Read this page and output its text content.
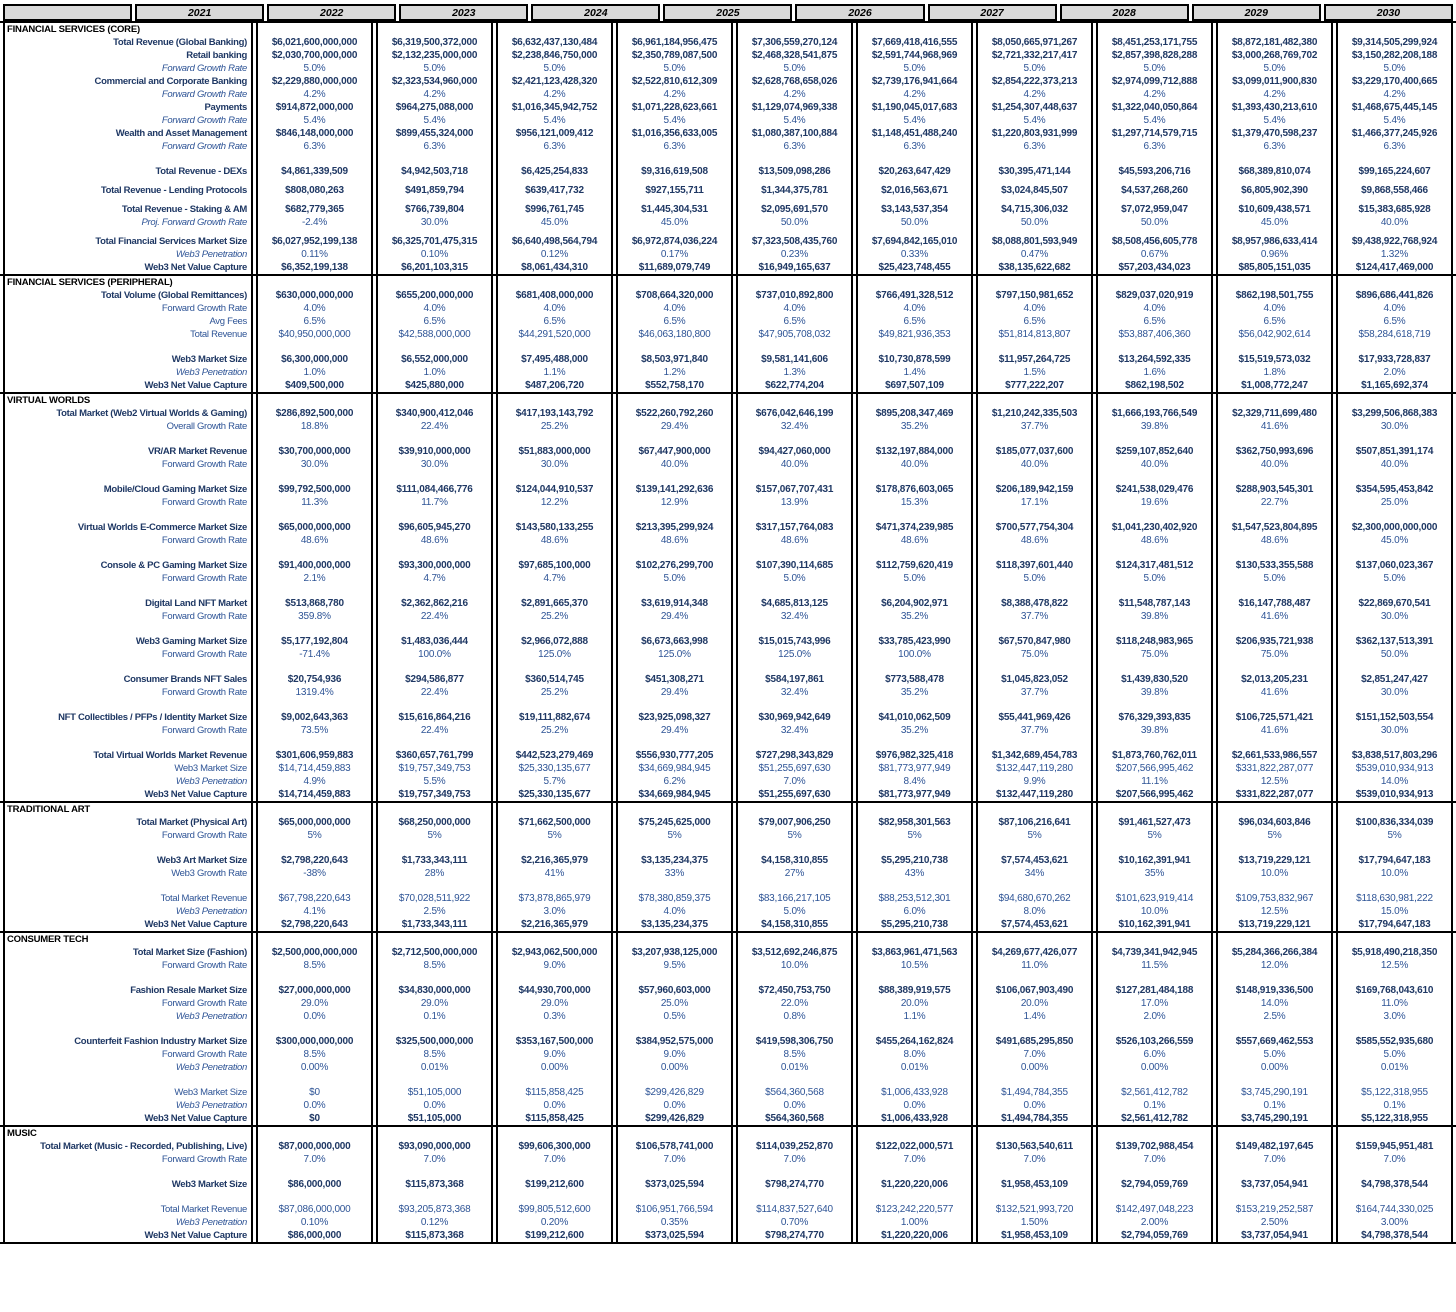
	2021	2022	2023	2024	2025	2026	2027	2028	2029	2030
FINANCIAL SERVICES (CORE)										
Total Revenue (Global Banking)	$6,021,600,000,000	$6,319,500,372,000	$6,632,437,130,484	$6,961,184,956,475	$7,306,559,270,124	$7,669,418,416,555	$8,050,665,971,267	$8,451,253,171,755	$8,872,181,482,380	$9,314,505,299,924
Retail banking	$2,030,700,000,000	$2,132,235,000,000	$2,238,846,750,000	$2,350,789,087,500	$2,468,328,541,875	$2,591,744,968,969	$2,721,332,217,417	$2,857,398,828,288	$3,000,268,769,702	$3,150,282,208,188
Forward Growth Rate	5.0%	5.0%	5.0%	5.0%	5.0%	5.0%	5.0%	5.0%	5.0%	5.0%
Commercial and Corporate Banking	$2,229,880,000,000	$2,323,534,960,000	$2,421,123,428,320	$2,522,810,612,309	$2,628,768,658,026	$2,739,176,941,664	$2,854,222,373,213	$2,974,099,712,888	$3,099,011,900,830	$3,229,170,400,665
Forward Growth Rate	4.2%	4.2%	4.2%	4.2%	4.2%	4.2%	4.2%	4.2%	4.2%	4.2%
Payments	$914,872,000,000	$964,275,088,000	$1,016,345,942,752	$1,071,228,623,661	$1,129,074,969,338	$1,190,045,017,683	$1,254,307,448,637	$1,322,040,050,864	$1,393,430,213,610	$1,468,675,445,145
Forward Growth Rate	5.4%	5.4%	5.4%	5.4%	5.4%	5.4%	5.4%	5.4%	5.4%	5.4%
Wealth and Asset Management	$846,148,000,000	$899,455,324,000	$956,121,009,412	$1,016,356,633,005	$1,080,387,100,884	$1,148,451,488,240	$1,220,803,931,999	$1,297,714,579,715	$1,379,470,598,237	$1,466,377,245,926
Forward Growth Rate	6.3%	6.3%	6.3%	6.3%	6.3%	6.3%	6.3%	6.3%	6.3%	6.3%

Total Revenue - DEXs	$4,861,339,509	$4,942,503,718	$6,425,254,833	$9,316,619,508	$13,509,098,286	$20,263,647,429	$30,395,471,144	$45,593,206,716	$68,389,810,074	$99,165,224,607

Total Revenue - Lending Protocols	$808,080,263	$491,859,794	$639,417,732	$927,155,711	$1,344,375,781	$2,016,563,671	$3,024,845,507	$4,537,268,260	$6,805,902,390	$9,868,558,466

Total Revenue - Staking & AM	$682,779,365	$766,739,804	$996,761,745	$1,445,304,531	$2,095,691,570	$3,143,537,354	$4,715,306,032	$7,072,959,047	$10,609,438,571	$15,383,685,928
Proj. Forward Growth Rate	-2.4%	30.0%	45.0%	45.0%	50.0%	50.0%	50.0%	50.0%	45.0%	40.0%

Total Financial Services Market Size	$6,027,952,199,138	$6,325,701,475,315	$6,640,498,564,794	$6,972,874,036,224	$7,323,508,435,760	$7,694,842,165,010	$8,088,801,593,949	$8,508,456,605,778	$8,957,986,633,414	$9,438,922,768,924
Web3 Penetration	0.11%	0.10%	0.12%	0.17%	0.23%	0.33%	0.47%	0.67%	0.96%	1.32%
Web3 Net Value Capture	$6,352,199,138	$6,201,103,315	$8,061,434,310	$11,689,079,749	$16,949,165,637	$25,423,748,455	$38,135,622,682	$57,203,434,023	$85,805,151,035	$124,417,469,000
FINANCIAL SERVICES (PERIPHERAL)										
Total Volume (Global Remittances)	$630,000,000,000	$655,200,000,000	$681,408,000,000	$708,664,320,000	$737,010,892,800	$766,491,328,512	$797,150,981,652	$829,037,020,919	$862,198,501,755	$896,686,441,826
Forward Growth Rate	4.0%	4.0%	4.0%	4.0%	4.0%	4.0%	4.0%	4.0%	4.0%	4.0%
Avg Fees	6.5%	6.5%	6.5%	6.5%	6.5%	6.5%	6.5%	6.5%	6.5%	6.5%
Total Revenue	$40,950,000,000	$42,588,000,000	$44,291,520,000	$46,063,180,800	$47,905,708,032	$49,821,936,353	$51,814,813,807	$53,887,406,360	$56,042,902,614	$58,284,618,719

Web3 Market Size	$6,300,000,000	$6,552,000,000	$7,495,488,000	$8,503,971,840	$9,581,141,606	$10,730,878,599	$11,957,264,725	$13,264,592,335	$15,519,573,032	$17,933,728,837
Web3 Penetration	1.0%	1.0%	1.1%	1.2%	1.3%	1.4%	1.5%	1.6%	1.8%	2.0%
Web3 Net Value Capture	$409,500,000	$425,880,000	$487,206,720	$552,758,170	$622,774,204	$697,507,109	$777,222,207	$862,198,502	$1,008,772,247	$1,165,692,374
VIRTUAL WORLDS										
Total Market (Web2 Virtual Worlds & Gaming)	$286,892,500,000	$340,900,412,046	$417,193,143,792	$522,260,792,260	$676,042,646,199	$895,208,347,469	$1,210,242,335,503	$1,666,193,766,549	$2,329,711,699,480	$3,299,506,868,383
Overall Growth Rate	18.8%	22.4%	25.2%	29.4%	32.4%	35.2%	37.7%	39.8%	41.6%	30.0%

VR/AR Market Revenue	$30,700,000,000	$39,910,000,000	$51,883,000,000	$67,447,900,000	$94,427,060,000	$132,197,884,000	$185,077,037,600	$259,107,852,640	$362,750,993,696	$507,851,391,174
Forward Growth Rate	30.0%	30.0%	30.0%	40.0%	40.0%	40.0%	40.0%	40.0%	40.0%	40.0%

Mobile/Cloud Gaming Market Size	$99,792,500,000	$111,084,466,776	$124,044,910,537	$139,141,292,636	$157,067,707,431	$178,876,603,065	$206,189,942,159	$241,538,029,476	$288,903,545,301	$354,595,453,842
Forward Growth Rate	11.3%	11.7%	12.2%	12.9%	13.9%	15.3%	17.1%	19.6%	22.7%	25.0%

Virtual Worlds E-Commerce Market Size	$65,000,000,000	$96,605,945,270	$143,580,133,255	$213,395,299,924	$317,157,764,083	$471,374,239,985	$700,577,754,304	$1,041,230,402,920	$1,547,523,804,895	$2,300,000,000,000
Forward Growth Rate	48.6%	48.6%	48.6%	48.6%	48.6%	48.6%	48.6%	48.6%	48.6%	45.0%

Console & PC Gaming Market Size	$91,400,000,000	$93,300,000,000	$97,685,100,000	$102,276,299,700	$107,390,114,685	$112,759,620,419	$118,397,601,440	$124,317,481,512	$130,533,355,588	$137,060,023,367
Forward Growth Rate	2.1%	4.7%	4.7%	5.0%	5.0%	5.0%	5.0%	5.0%	5.0%	5.0%

Digital Land NFT Market	$513,868,780	$2,362,862,216	$2,891,665,370	$3,619,914,348	$4,685,813,125	$6,204,902,971	$8,388,478,822	$11,548,787,143	$16,147,788,487	$22,869,670,541
Forward Growth Rate	359.8%	22.4%	25.2%	29.4%	32.4%	35.2%	37.7%	39.8%	41.6%	30.0%

Web3 Gaming Market Size	$5,177,192,804	$1,483,036,444	$2,966,072,888	$6,673,663,998	$15,015,743,996	$33,785,423,990	$67,570,847,980	$118,248,983,965	$206,935,721,938	$362,137,513,391
Forward Growth Rate	-71.4%	100.0%	125.0%	125.0%	125.0%	100.0%	75.0%	75.0%	75.0%	50.0%

Consumer Brands NFT Sales	$20,754,936	$294,586,877	$360,514,745	$451,308,271	$584,197,861	$773,588,478	$1,045,823,052	$1,439,830,520	$2,013,205,231	$2,851,247,427
Forward Growth Rate	1319.4%	22.4%	25.2%	29.4%	32.4%	35.2%	37.7%	39.8%	41.6%	30.0%

NFT Collectibles / PFPs / Identity Market Size	$9,002,643,363	$15,616,864,216	$19,111,882,674	$23,925,098,327	$30,969,942,649	$41,010,062,509	$55,441,969,426	$76,329,393,835	$106,725,571,421	$151,152,503,554
Forward Growth Rate	73.5%	22.4%	25.2%	29.4%	32.4%	35.2%	37.7%	39.8%	41.6%	30.0%

Total Virtual Worlds Market Revenue	$301,606,959,883	$360,657,761,799	$442,523,279,469	$556,930,777,205	$727,298,343,829	$976,982,325,418	$1,342,689,454,783	$1,873,760,762,011	$2,661,533,986,557	$3,838,517,803,296
Web3 Market Size	$14,714,459,883	$19,757,349,753	$25,330,135,677	$34,669,984,945	$51,255,697,630	$81,773,977,949	$132,447,119,280	$207,566,995,462	$331,822,287,077	$539,010,934,913
Web3 Penetration	4.9%	5.5%	5.7%	6.2%	7.0%	8.4%	9.9%	11.1%	12.5%	14.0%
Web3 Net Value Capture	$14,714,459,883	$19,757,349,753	$25,330,135,677	$34,669,984,945	$51,255,697,630	$81,773,977,949	$132,447,119,280	$207,566,995,462	$331,822,287,077	$539,010,934,913
TRADITIONAL ART										
Total Market (Physical Art)	$65,000,000,000	$68,250,000,000	$71,662,500,000	$75,245,625,000	$79,007,906,250	$82,958,301,563	$87,106,216,641	$91,461,527,473	$96,034,603,846	$100,836,334,039
Forward Growth Rate	5%	5%	5%	5%	5%	5%	5%	5%	5%	5%

Web3 Art Market Size	$2,798,220,643	$1,733,343,111	$2,216,365,979	$3,135,234,375	$4,158,310,855	$5,295,210,738	$7,574,453,621	$10,162,391,941	$13,719,229,121	$17,794,647,183
Web3 Growth Rate	-38%	28%	41%	33%	27%	43%	34%	35%	10.0%	10.0%

Total Market Revenue	$67,798,220,643	$70,028,511,922	$73,878,865,979	$78,380,859,375	$83,166,217,105	$88,253,512,301	$94,680,670,262	$101,623,919,414	$109,753,832,967	$118,630,981,222
Web3 Penetration	4.1%	2.5%	3.0%	4.0%	5.0%	6.0%	8.0%	10.0%	12.5%	15.0%
Web3 Net Value Capture	$2,798,220,643	$1,733,343,111	$2,216,365,979	$3,135,234,375	$4,158,310,855	$5,295,210,738	$7,574,453,621	$10,162,391,941	$13,719,229,121	$17,794,647,183
CONSUMER TECH										
Total Market Size (Fashion)	$2,500,000,000,000	$2,712,500,000,000	$2,943,062,500,000	$3,207,938,125,000	$3,512,692,246,875	$3,863,961,471,563	$4,269,677,426,077	$4,739,341,942,945	$5,284,366,266,384	$5,918,490,218,350
Forward Growth Rate	8.5%	8.5%	9.0%	9.5%	10.0%	10.5%	11.0%	11.5%	12.0%	12.5%

Fashion Resale Market Size	$27,000,000,000	$34,830,000,000	$44,930,700,000	$57,960,603,000	$72,450,753,750	$88,389,919,575	$106,067,903,490	$127,281,484,188	$148,919,336,500	$169,768,043,610
Forward Growth Rate	29.0%	29.0%	29.0%	25.0%	22.0%	20.0%	20.0%	17.0%	14.0%	11.0%
Web3 Penetration	0.0%	0.1%	0.3%	0.5%	0.8%	1.1%	1.4%	2.0%	2.5%	3.0%

Counterfeit Fashion Industry Market Size	$300,000,000,000	$325,500,000,000	$353,167,500,000	$384,952,575,000	$419,598,306,750	$455,264,162,824	$491,685,295,850	$526,103,266,559	$557,669,462,553	$585,552,935,680
Forward Growth Rate	8.5%	8.5%	9.0%	9.0%	8.5%	8.0%	7.0%	6.0%	5.0%	5.0%
Web3 Penetration	0.00%	0.01%	0.00%	0.00%	0.01%	0.01%	0.00%	0.00%	0.00%	0.01%

Web3 Market Size	$0	$51,105,000	$115,858,425	$299,426,829	$564,360,568	$1,006,433,928	$1,494,784,355	$2,561,412,782	$3,745,290,191	$5,122,318,955
Web3 Penetration	0.0%	0.0%	0.0%	0.0%	0.0%	0.0%	0.0%	0.1%	0.1%	0.1%
Web3 Net Value Capture	$0	$51,105,000	$115,858,425	$299,426,829	$564,360,568	$1,006,433,928	$1,494,784,355	$2,561,412,782	$3,745,290,191	$5,122,318,955
MUSIC										
Total Market (Music - Recorded, Publishing, Live)	$87,000,000,000	$93,090,000,000	$99,606,300,000	$106,578,741,000	$114,039,252,870	$122,022,000,571	$130,563,540,611	$139,702,988,454	$149,482,197,645	$159,945,951,481
Forward Growth Rate	7.0%	7.0%	7.0%	7.0%	7.0%	7.0%	7.0%	7.0%	7.0%	7.0%

Web3 Market Size	$86,000,000	$115,873,368	$199,212,600	$373,025,594	$798,274,770	$1,220,220,006	$1,958,453,109	$2,794,059,769	$3,737,054,941	$4,798,378,544

Total Market Revenue	$87,086,000,000	$93,205,873,368	$99,805,512,600	$106,951,766,594	$114,837,527,640	$123,242,220,577	$132,521,993,720	$142,497,048,223	$153,219,252,587	$164,744,330,025
Web3 Penetration	0.10%	0.12%	0.20%	0.35%	0.70%	1.00%	1.50%	2.00%	2.50%	3.00%
Web3 Net Value Capture	$86,000,000	$115,873,368	$199,212,600	$373,025,594	$798,274,770	$1,220,220,006	$1,958,453,109	$2,794,059,769	$3,737,054,941	$4,798,378,544
